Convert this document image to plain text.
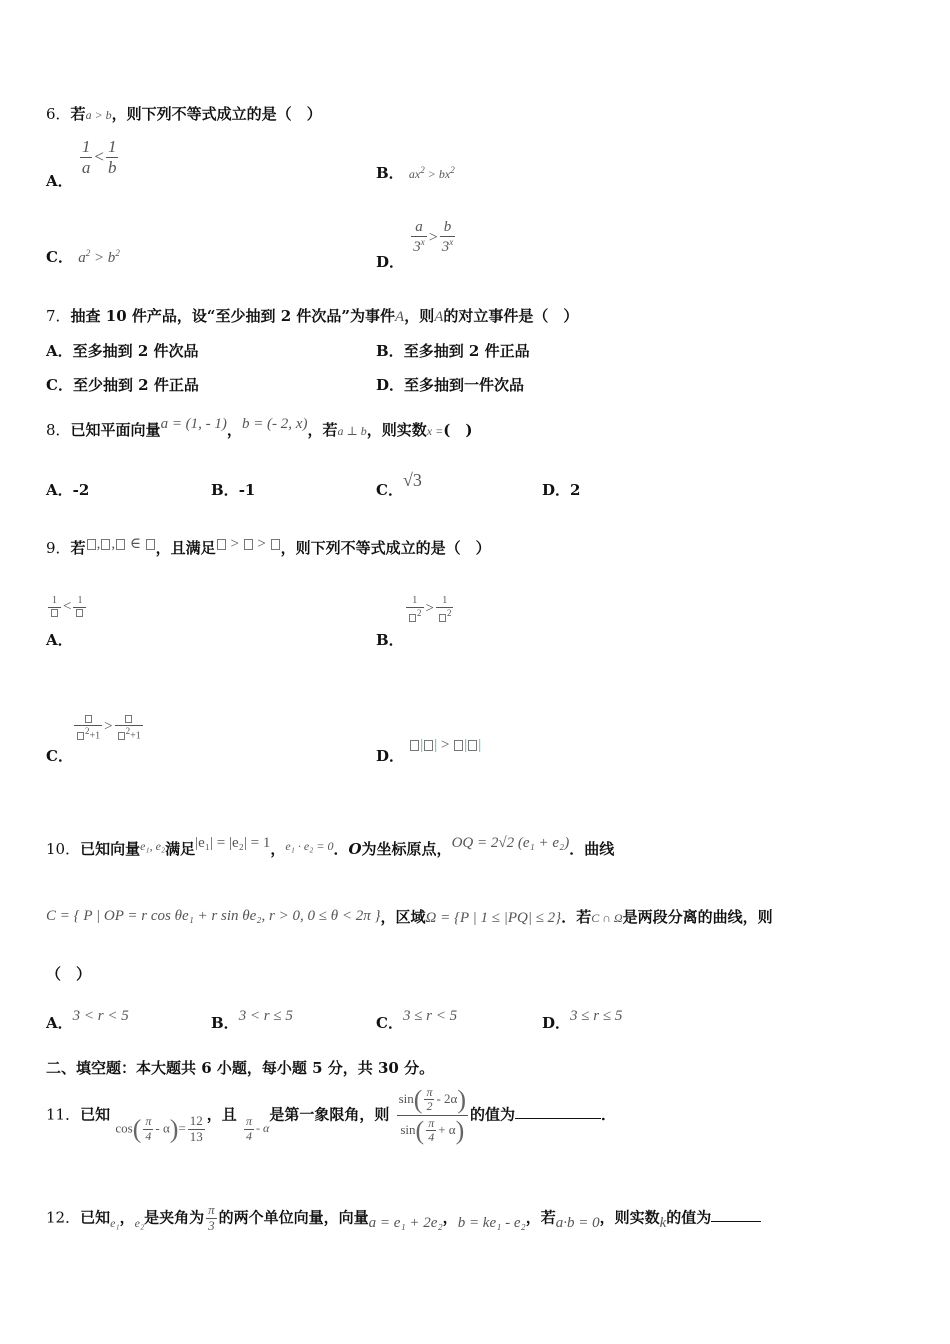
6．若a > b，则下列不等式成立的是（　）
A．
$\frac{1}{a} < \frac{1}{b}$	B． $ax^2 > bx^2$
C． $a^2 > b^2$	D．
$\frac{a}{3^x} > \frac{b}{3^x}$
7．抽查 10 件产品，设“至少抽到 2 件次品”为事件A，则A的对立事件是（　）
A．至多抽到 2 件次品	B．至多抽到 2 件正品
C．至少抽到 2 件正品	D．至多抽到一件次品
8．已知平面向量a = (1, - 1)，b = (- 2, x)，若a ⊥ b，则实数x =(　)
A．-2	B．-1	C．√3	D．2
9．若 , , ∈ ，且满足 >  > ，则下列不等式成立的是（　）
1 < 1
A．
$\frac{1}{2} > \frac{1}{2}$
B．
2+1
>	2+1
C．	D． | | > | |
10．已知向量$^{e_1, e_2}$满足|e₁| = |e₂| = 1，$^{e_1 \cdot e_2 = 0}$．O为坐标原点，OQ = 2√2 (e₁ + e₂)．曲线
C = { P | OP = r cos θe₁ + r sin θe₂, r > 0, 0 ≤ θ < 2π }，区域Ω = {P | 1 ≤ |PQ| ≤ 2}．若C ∩ Ω是两段分离的曲线，则
（　）
A．3 < r < 5	B．3 < r ≤ 5	C．3 ≤ r < 5	D．3 ≤ r ≤ 5
二、填空题：本大题共 6 小题，每小题 5 分，共 30 分。
11．已知 $\cos( \frac{\pi}{4} - \alpha)= \frac{12}{13}$ ，且
$\frac{\pi}{4}$ - α是第一象限角，则 $\frac{\sin( \frac{\pi}{2} - 2\alpha)}{\sin( \frac{\pi}{4} + \alpha)}$ 的值为	．
12．已知$_{e_1}$，$_{e_2}$是夹角为 $\frac{\pi}{3}$ 的两个单位向量，向量a = e₁ + 2e₂，b = ke₁ - e₂，若a·b = 0，则实数k的值为
